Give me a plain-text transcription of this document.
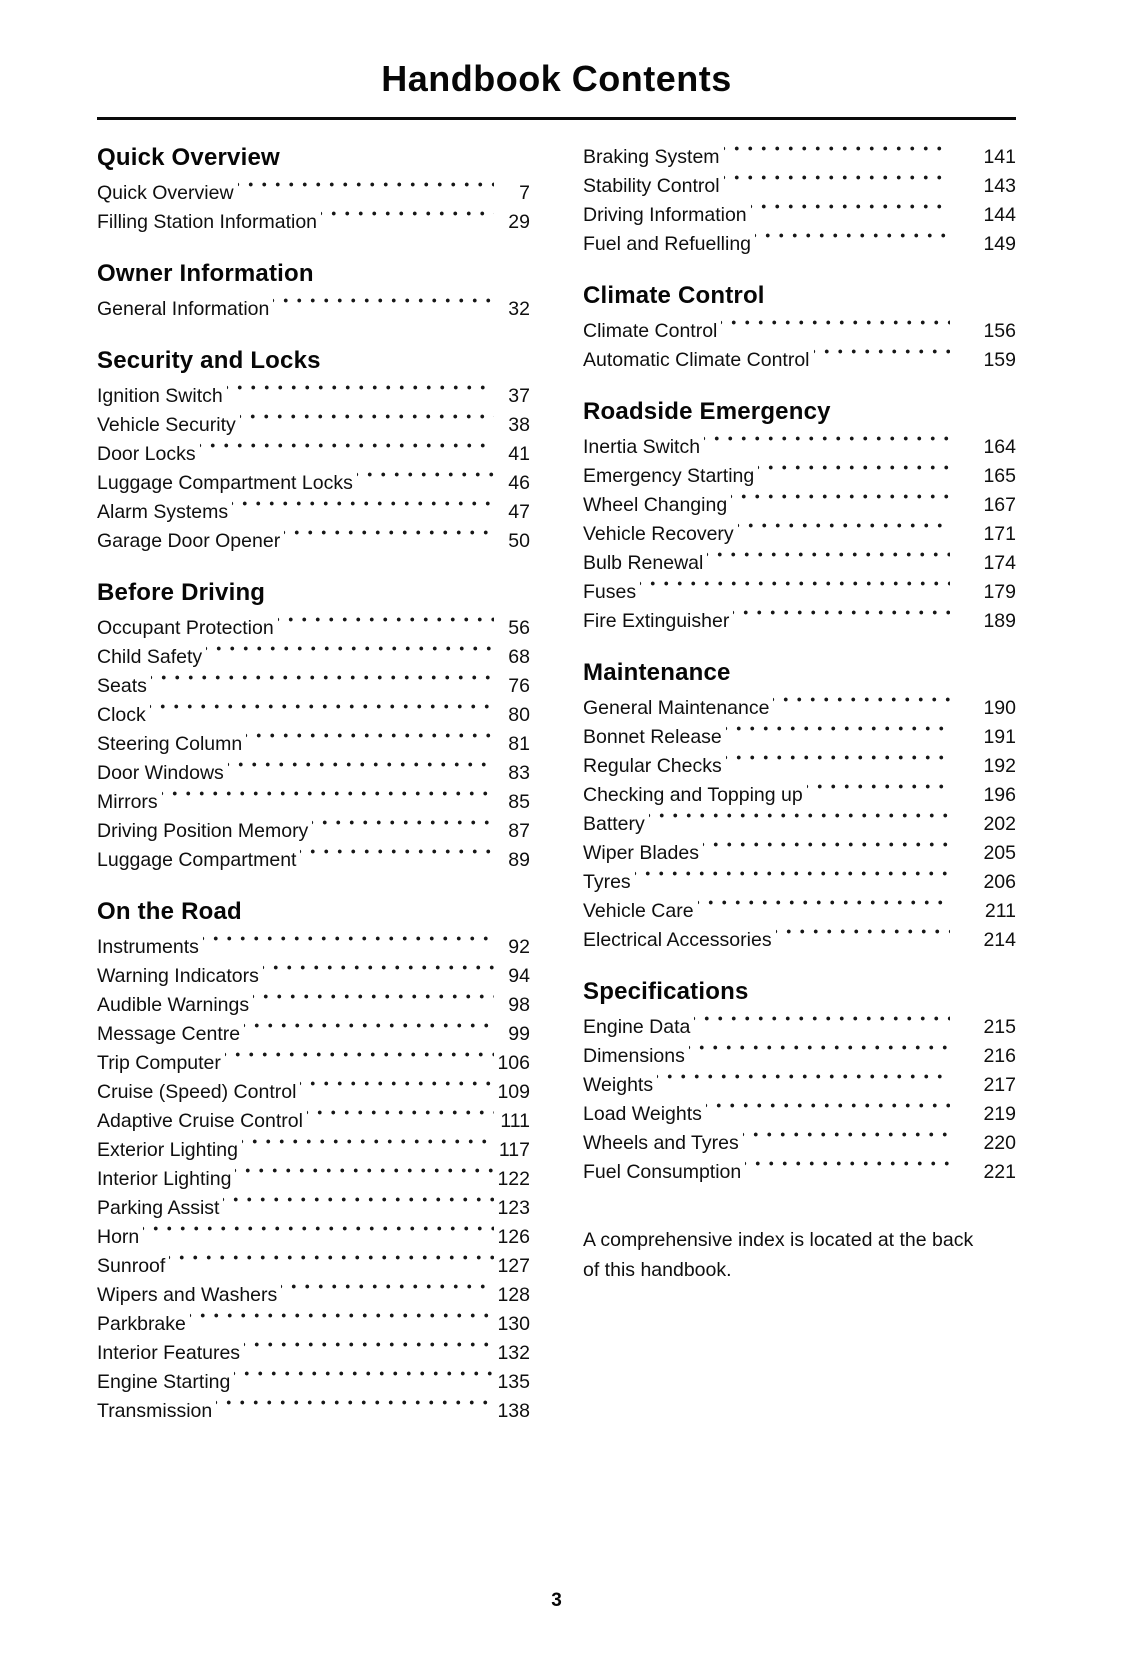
Handbook Contents
Quick Overview
Quick Overview	7
Filling Station Information	29
Owner Information
General Information	32
Security and Locks
Ignition Switch	37
Vehicle Security	38
Door Locks	41
Luggage Compartment Locks	46
Alarm Systems	47
Garage Door Opener	50
Before Driving
Occupant Protection	56
Child Safety	68
Seats	76
Clock	80
Steering Column	81
Door Windows	83
Mirrors	85
Driving Position Memory	87
Luggage Compartment	89
On the Road
Instruments	92
Warning Indicators	94
Audible Warnings	98
Message Centre	99
Trip Computer	106
Cruise (Speed) Control	109
Adaptive Cruise Control	111
Exterior Lighting	117
Interior Lighting	122
Parking Assist	123
Horn	126
Sunroof	127
Wipers and Washers	128
Parkbrake	130
Interior Features	132
Engine Starting	135
Transmission	138
Braking System	141
Stability Control	143
Driving Information	144
Fuel and Refuelling	149
Climate Control
Climate Control	156
Automatic Climate Control	159
Roadside Emergency
Inertia Switch	164
Emergency Starting	165
Wheel Changing	167
Vehicle Recovery	171
Bulb Renewal	174
Fuses	179
Fire Extinguisher	189
Maintenance
General Maintenance	190
Bonnet Release	191
Regular Checks	192
Checking and Topping up	196
Battery	202
Wiper Blades	205
Tyres	206
Vehicle Care	211
Electrical Accessories	214
Specifications
Engine Data	215
Dimensions	216
Weights	217
Load Weights	219
Wheels and Tyres	220
Fuel Consumption	221

A comprehensive index is located at the back of this handbook.

3
